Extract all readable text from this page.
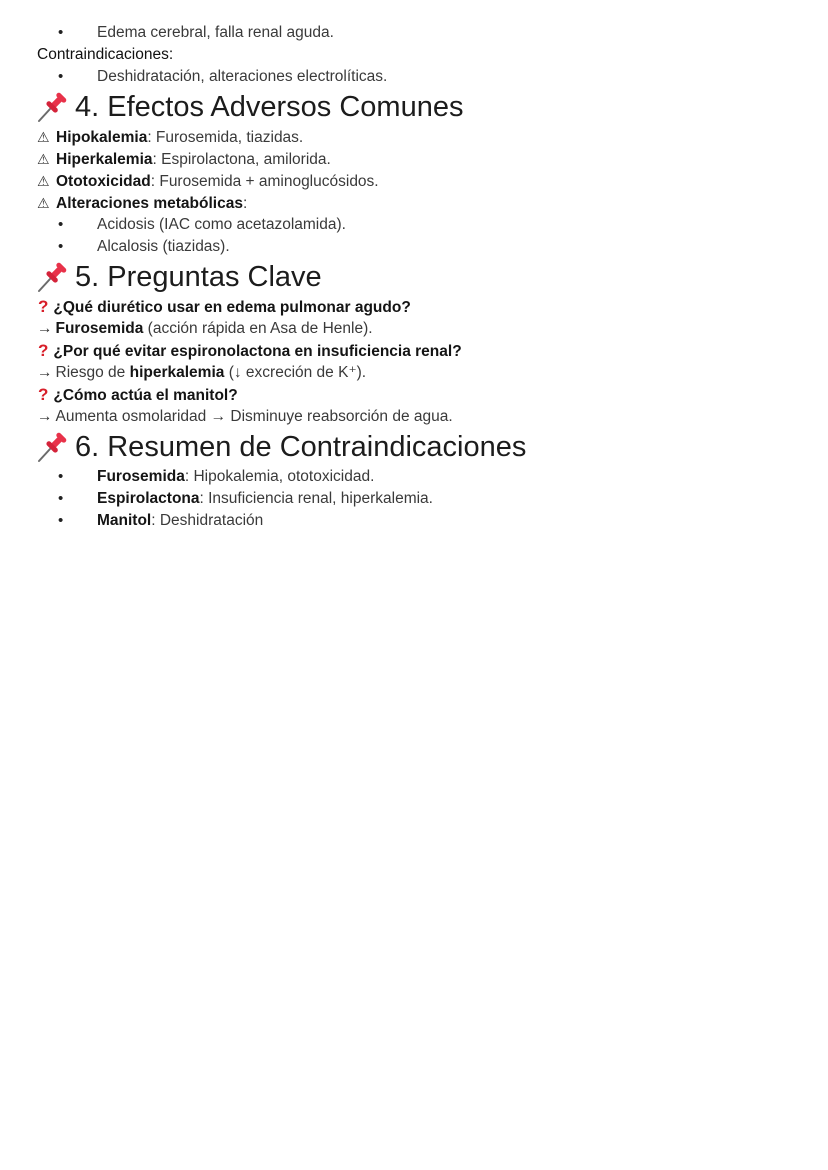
• Edema cerebral, falla renal aguda.
Contraindicaciones:
• Deshidratación, alteraciones electrolíticas.
4. Efectos Adversos Comunes
⚠ Hipokalemia: Furosemida, tiazidas.
⚠ Hiperkalemia: Espirolactona, amilorida.
⚠ Ototoxicidad: Furosemida + aminoglucósidos.
⚠ Alteraciones metabólicas:
• Acidosis (IAC como acetazolamida).
• Alcalosis (tiazidas).
5. Preguntas Clave
? ¿Qué diurético usar en edema pulmonar agudo?
→ Furosemida (acción rápida en Asa de Henle).
? ¿Por qué evitar espironolactona en insuficiencia renal?
→ Riesgo de hiperkalemia (↓ excreción de K⁺).
? ¿Cómo actúa el manitol?
→ Aumenta osmolaridad → Disminuye reabsorción de agua.
6. Resumen de Contraindicaciones
• Furosemida: Hipokalemia, ototoxicidad.
• Espirolactona: Insuficiencia renal, hiperkalemia.
• Manitol: Deshidratación
